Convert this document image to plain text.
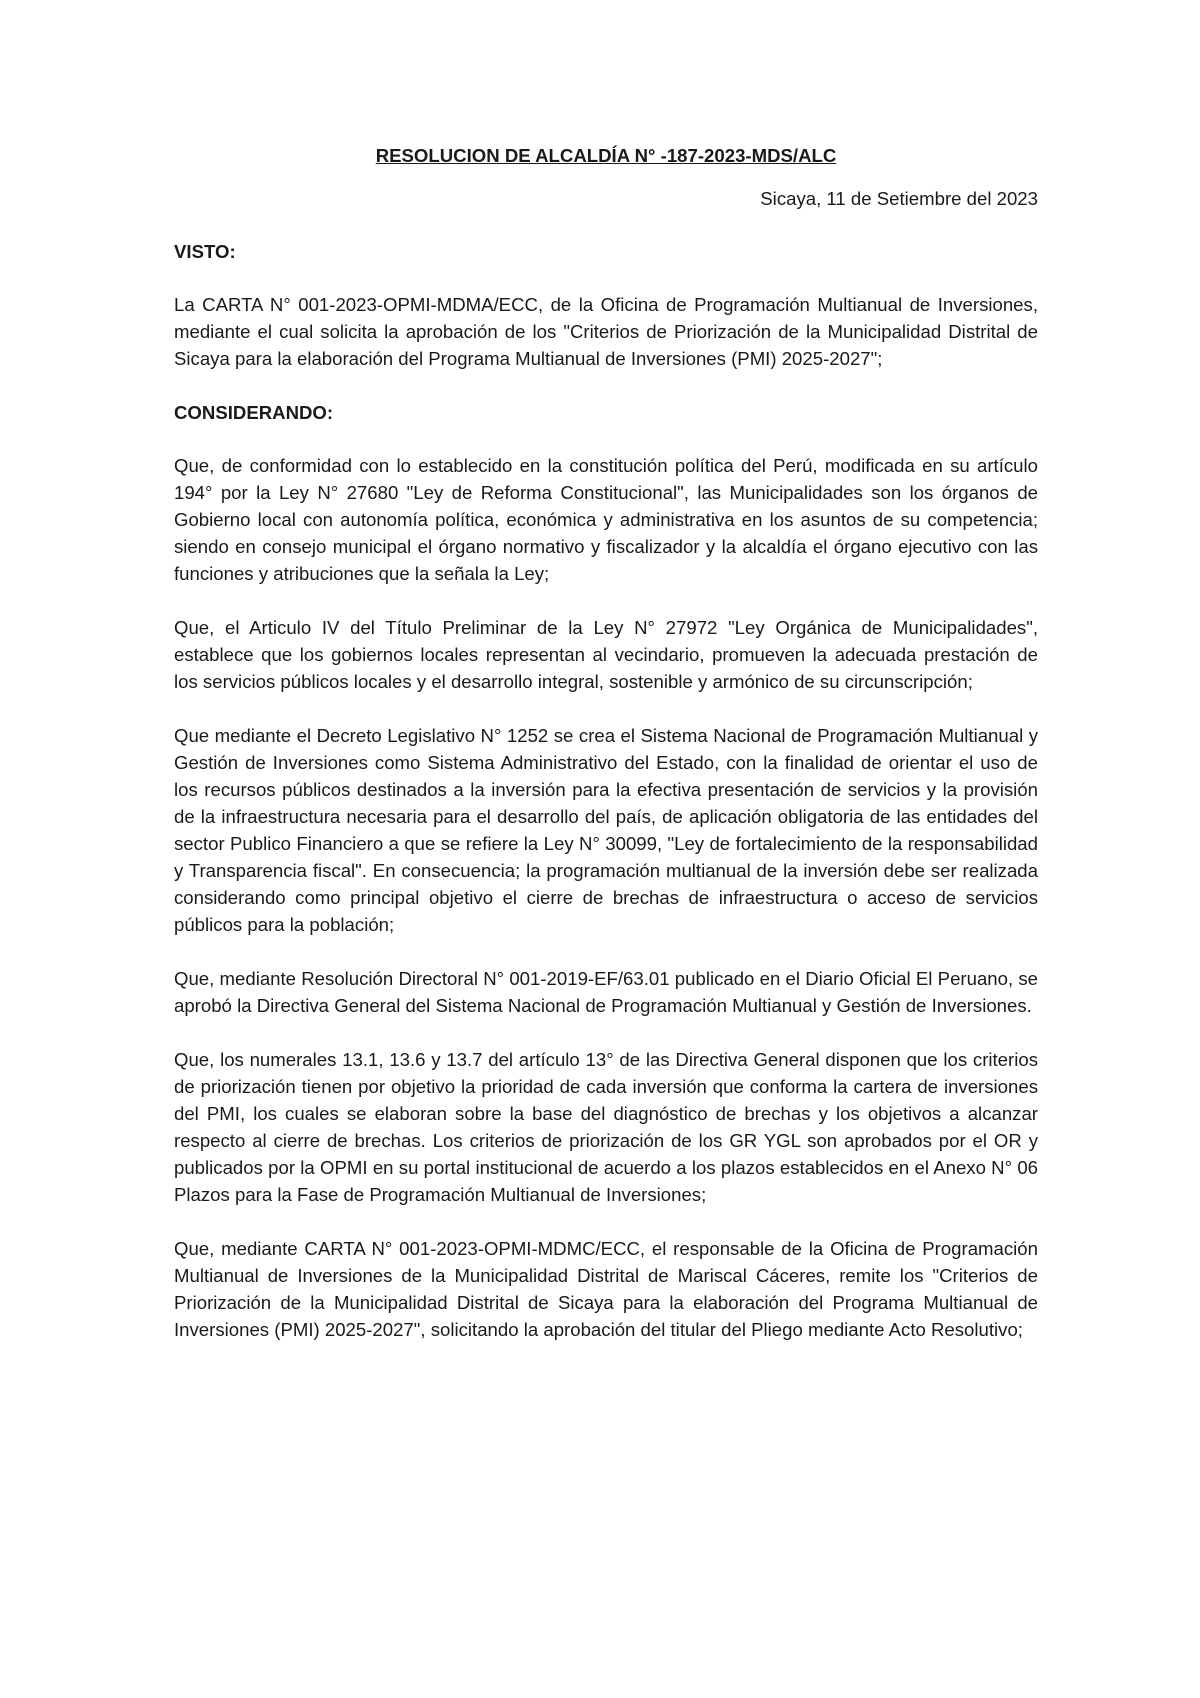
RESOLUCION DE ALCALDÍA N° -187-2023-MDS/ALC
Sicaya, 11 de Setiembre del 2023
VISTO:
La CARTA N° 001-2023-OPMI-MDMA/ECC, de la Oficina de Programación Multianual de Inversiones, mediante el cual solicita la aprobación de los "Criterios de Priorización de la Municipalidad Distrital de Sicaya para la elaboración del Programa Multianual de Inversiones (PMI) 2025-2027";
CONSIDERANDO:
Que, de conformidad con lo establecido en la constitución política del Perú, modificada en su artículo 194° por la Ley N° 27680 "Ley de Reforma Constitucional", las Municipalidades son los órganos de Gobierno local con autonomía política, económica y administrativa en los asuntos de su competencia; siendo en consejo municipal el órgano normativo y fiscalizador y la alcaldía el órgano ejecutivo con las funciones y atribuciones que la señala la Ley;
Que, el Articulo IV del Título Preliminar de la Ley N° 27972 "Ley Orgánica de Municipalidades", establece que los gobiernos locales representan al vecindario, promueven la adecuada prestación de los servicios públicos locales y el desarrollo integral, sostenible y armónico de su circunscripción;
Que mediante el Decreto Legislativo N° 1252 se crea el Sistema Nacional de Programación Multianual y Gestión de Inversiones como Sistema Administrativo del Estado, con la finalidad de orientar el uso de los recursos públicos destinados a la inversión para la efectiva presentación de servicios y la provisión de la infraestructura necesaria para el desarrollo del país, de aplicación obligatoria de las entidades del sector Publico Financiero a que se refiere la Ley N° 30099, "Ley de fortalecimiento de la responsabilidad y Transparencia fiscal". En consecuencia; la programación multianual de la inversión debe ser realizada considerando como principal objetivo el cierre de brechas de infraestructura o acceso de servicios públicos para la población;
Que, mediante Resolución Directoral N° 001-2019-EF/63.01 publicado en el Diario Oficial El Peruano, se aprobó la Directiva General del Sistema Nacional de Programación Multianual y Gestión de Inversiones.
Que, los numerales 13.1, 13.6 y 13.7 del artículo 13° de las Directiva General disponen que los criterios de priorización tienen por objetivo la prioridad de cada inversión que conforma la cartera de inversiones del PMI, los cuales se elaboran sobre la base del diagnóstico de brechas y los objetivos a alcanzar respecto al cierre de brechas. Los criterios de priorización de los GR YGL son aprobados por el OR y publicados por la OPMI en su portal institucional de acuerdo a los plazos establecidos en el Anexo N° 06 Plazos para la Fase de Programación Multianual de Inversiones;
Que, mediante CARTA N° 001-2023-OPMI-MDMC/ECC, el responsable de la Oficina de Programación Multianual de Inversiones de la Municipalidad Distrital de Mariscal Cáceres, remite los "Criterios de Priorización de la Municipalidad Distrital de Sicaya para la elaboración del Programa Multianual de Inversiones (PMI) 2025-2027", solicitando la aprobación del titular del Pliego mediante Acto Resolutivo;
